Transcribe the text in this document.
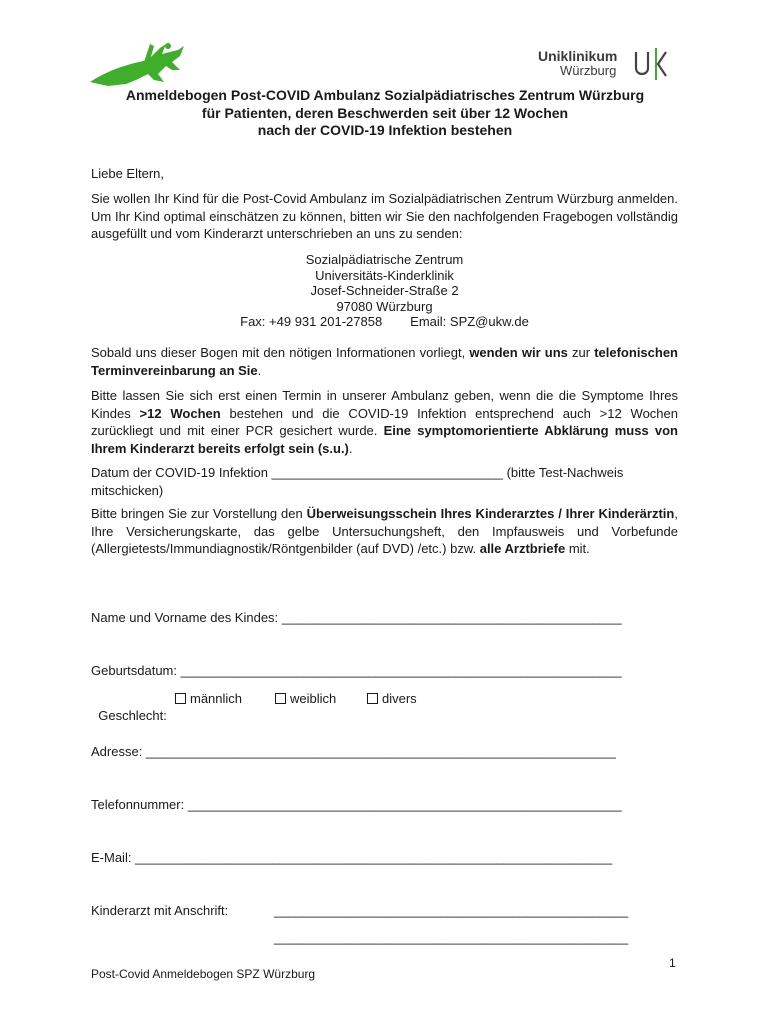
Uniklinikum
Würzburg
Anmeldebogen Post-COVID Ambulanz Sozialpädiatrisches Zentrum Würzburg
für Patienten, deren Beschwerden seit über 12 Wochen
nach der COVID-19 Infektion bestehen
Liebe Eltern,
Sie wollen Ihr Kind für die Post-Covid Ambulanz im Sozialpädiatrischen Zentrum Würzburg anmelden. Um Ihr Kind optimal einschätzen zu können, bitten wir Sie den nachfolgenden Fragebogen vollständig ausgefüllt und vom Kinderarzt unterschrieben an uns zu senden:
Sozialpädiatrische Zentrum
Universitäts-Kinderklinik
Josef-Schneider-Straße 2
97080 Würzburg
Fax: +49 931 201-27858 Email: SPZ@ukw.de
Sobald uns dieser Bogen mit den nötigen Informationen vorliegt, wenden wir uns zur telefonischen Terminvereinbarung an Sie.
Bitte lassen Sie sich erst einen Termin in unserer Ambulanz geben, wenn die die Symptome Ihres Kindes >12 Wochen bestehen und die COVID-19 Infektion entsprechend auch >12 Wochen zurückliegt und mit einer PCR gesichert wurde. Eine symptomorientierte Abklärung muss von Ihrem Kinderarzt bereits erfolgt sein (s.u.).
Datum der COVID-19 Infektion ________________________________ (bitte Test-Nachweis mitschicken)
Bitte bringen Sie zur Vorstellung den Überweisungsschein Ihres Kinderarztes / Ihrer Kinderärztin, Ihre Versicherungskarte, das gelbe Untersuchungsheft, den Impfausweis und Vorbefunde (Allergietests/Immundiagnostik/Röntgenbilder (auf DVD) /etc.) bzw. alle Arztbriefe mit.
Name und Vorname des Kindes: _______________________________________________
Geburtsdatum: _____________________________________________________________

Geschlecht:

männlich

	weiblich

	divers

Adresse: _________________________________________________________________
Telefonnummer: ____________________________________________________________
E-Mail: __________________________________________________________________
Kinderarzt mit Anschrift:	_________________________________________________
_________________________________________________
1
Post-Covid Anmeldebogen SPZ Würzburg
